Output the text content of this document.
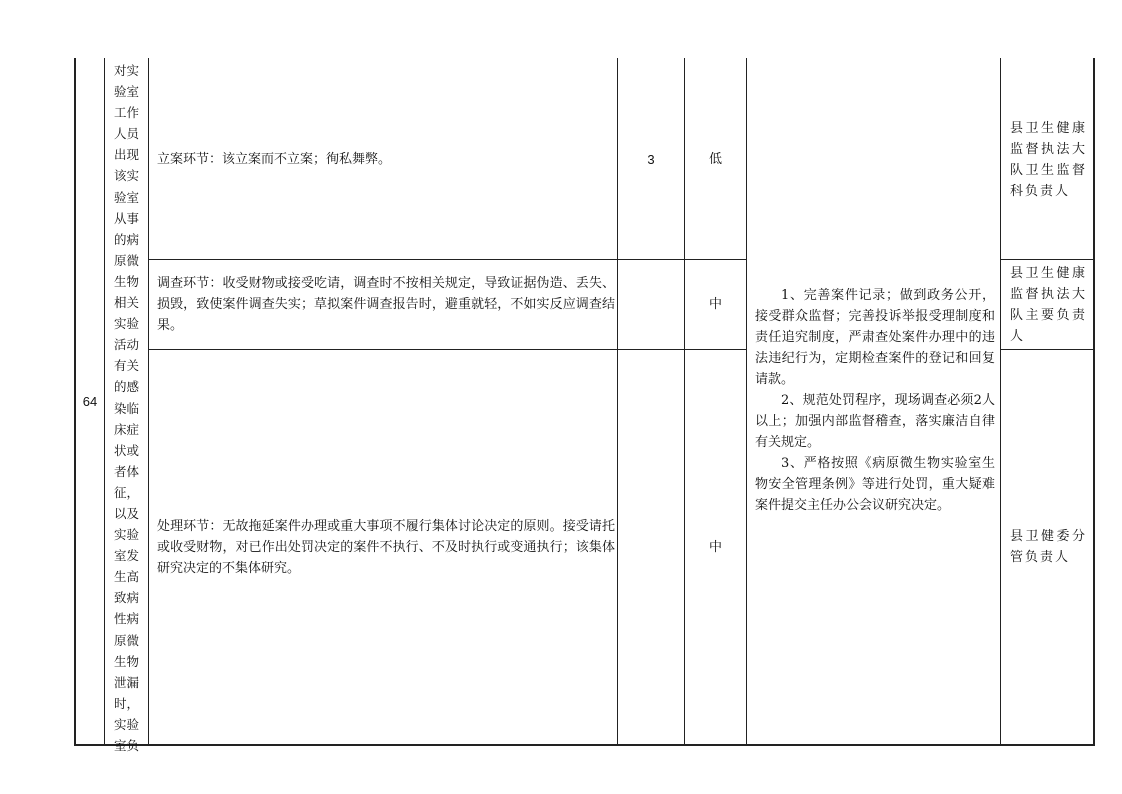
64
对实
验室
工作
人员
出现
该实
验室
从事
的病
原微
生物
相关
实验
活动
有关
的感
染临
床症
状或
者体
征，
以及
实验
室发
生高
致病
性病
原微
生物
泄漏
时，
实验
室负
立案环节：该立案而不立案；徇私舞弊。	3	低
县卫生健康监督执法大队卫生监督科负责人
调查环节：收受财物或接受吃请，调查时不按相关规定，导致证据伪造、丢失、损毁，致使案件调查失实；草拟案件调查报告时，避重就轻，不如实反应调查结果。
中
县卫生健康监督执法大队主要负责人
处理环节：无故拖延案件办理或重大事项不履行集体讨论决定的原则。接受请托或收受财物，对已作出处罚决定的案件不执行、不及时执行或变通执行；该集体研究决定的不集体研究。
中
县卫健委分管负责人

1、完善案件记录；做到政务公开，接受群众监督；完善投诉举报受理制度和责任追究制度，严肃查处案件办理中的违法违纪行为，定期检查案件的登记和回复请款。

2、规范处罚程序，现场调查必须2人以上；加强内部监督稽查，落实廉洁自律有关规定。

3、严格按照《病原微生物实验室生物安全管理条例》等进行处罚，重大疑难案件提交主任办公会议研究决定。
